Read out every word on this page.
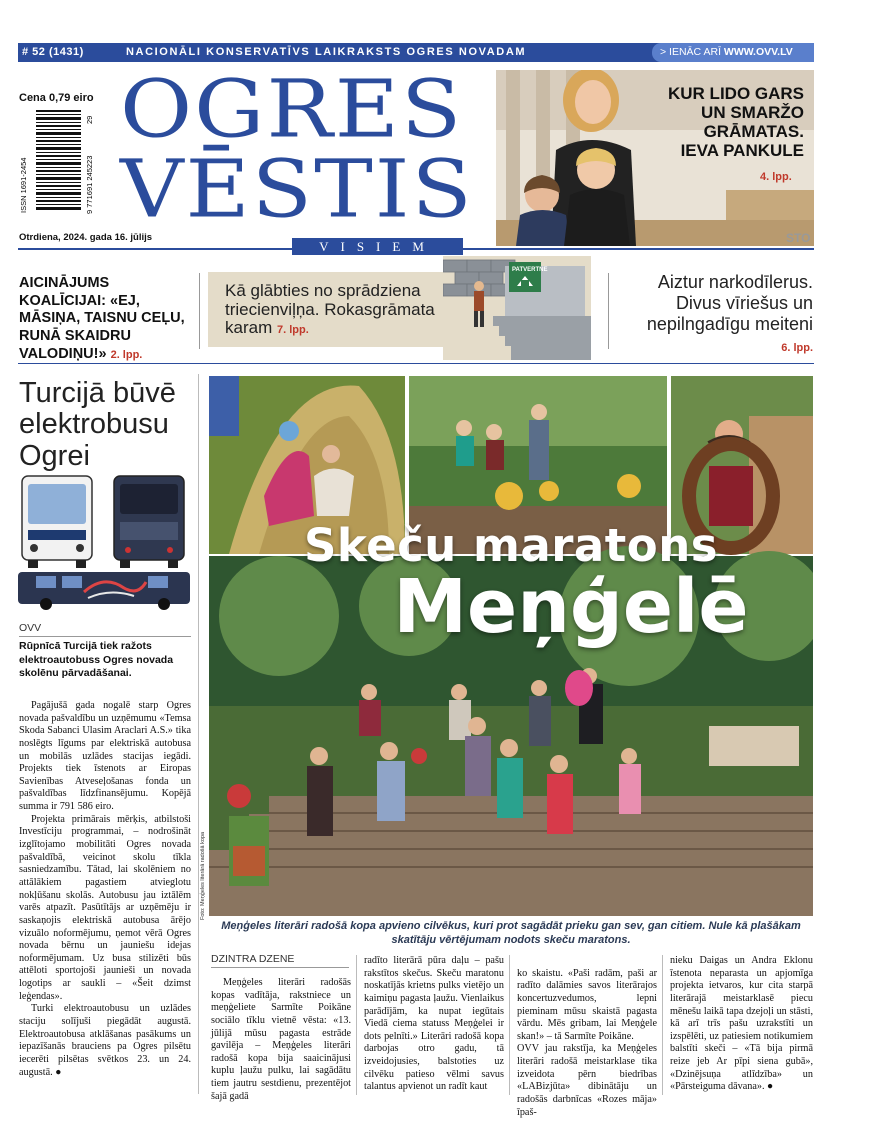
# 52 (1431)	NACIONĀLI KONSERVATĪVS LAIKRAKSTS OGRES NOVADAM	> IENĀC ARĪ WWW.OVV.LV
Cena 0,79 eiro
ISSN 1691-2454	9 771691 245223
29
Otrdiena, 2024. gada 16. jūlijs
OGRES
VĒSTIS
VISIEM
STO
KUR LIDO GARS UN SMARŽO GRĀMATAS. IEVA PANKULE
4. lpp.
AICINĀJUMS KOALĪCIJAI: «EJ, MĀSIŅA, TAISNU CEĻU, RUNĀ SKAIDRU VALODIŅU!» 2. lpp.
Kā glābties no sprādziena triecienviļņa. Rokasgrāmata karam 7. lpp.
PATVERTNE
Aiztur narkodīlerus. Divus vīriešus un nepilngadīgu meiteni
6. lpp.
Turcijā būvē elektrobusu Ogrei
OVV
Rūpnīcā Turcijā tiek ražots elektroautobuss Ogres novada skolēnu pārvadāšanai.

Pagājušā gada nogalē starp Ogres novada pašvaldību un uzņēmumu «Temsa Skoda Sabanci Ulasim Araclari A.S.» tika noslēgts līgums par elektriskā autobusa un mobilās uzlādes stacijas iegādi. Projekts tiek īstenots ar Eiropas Savienības Atveseļošanas fonda un pašvaldības līdzfinansējumu. Kopējā summa ir 791 586 eiro.

Projekta primārais mērķis, atbilstoši Investīciju programmai, – nodrošināt izglītojamo mobilitāti Ogres novada pašvaldībā, veicinot skolu tīkla sasniedzamību. Tātad, lai skolēniem no attālākiem pagastiem atvieglotu nokļūšanu skolās. Autobusu jau iztālēm varēs atpazīt. Pasūtītājs ar uzņēmēju ir saskaņojis elektriskā autobusa ārējo vizuālo noformējumu, ņemot vērā Ogres novada bērnu un jauniešu idejas noformējumam. Uz busa stilizēti būs attēloti sportojoši jaunieši un novada logotips ar saukli – «Šeit dzimst leģendas».

Turki elektroautobusu un uzlādes staciju solījuši piegādāt augustā. Elektroautobusa atklāšanas pasākums un iepazīšanās brauciens pa Ogres pilsētu iecerēti pilsētas svētkos 23. un 24. augustā. ●

Skeču maratons
Meņģelē
Foto: Meņģeles literārā radošā kopa
Meņģeles literāri radošā kopa apvieno cilvēkus, kuri prot sagādāt prieku gan sev, gan citiem. Nule kā plašākam skatītāju vērtējumam nodots skeču maratons.
DZINTRA DZENE

Meņģeles literāri radošās kopas vadītāja, rakstniece un meņģeliete Sarmīte Poikāne sociālo tīklu vietnē vēsta: «13. jūlijā mūsu pagasta estrāde gavilēja – Meņģeles literāri radošā kopa bija saaicinājusi kuplu ļaužu pulku, lai sagādātu tiem jautru sestdienu, prezentējot šajā gadā

radīto literārā pūra daļu – pašu rakstītos skečus. Skeču maratonu noskatījās krietns pulks vietējo un kaimiņu pagasta ļaužu. Vienlaikus parādījām, ka nupat iegūtais Viedā ciema statuss Meņģelei ir dots pelnīti.» Literāri radošā kopa darbojas otro gadu, tā izveidojusies, balstoties uz cilvēku patieso vēlmi savus talantus apvienot un radīt kaut

ko skaistu. «Paši radām, paši ar radīto dalāmies savos literārajos koncertuzvedumos, lepni pieminam mūsu skaistā pagasta vārdu. Mēs gribam, lai Meņģele skan!» – tā Sarmīte Poikāne.
OVV jau rakstīja, ka Meņģeles literāri radošā meistarklase tika izveidota pērn biedrības «LABizjūta» dibinātāju un radošās darbnīcas «Rozes māja» īpaš-

nieku Daigas un Andra Eklonu īstenota neparasta un apjomīga projekta ietvaros, kur cita starpā literārajā meistarklasē piecu mēnešu laikā tapa dzejoļi un stāsti, kā arī trīs pašu uzrakstīti un izspēlēti, uz patiesiem notikumiem balstīti skeči – «Tā bija pirmā reize jeb Ar pīpi siena gubā», «Dzinējsuņa atlīdzība» un «Pārsteiguma dāvana». ●
